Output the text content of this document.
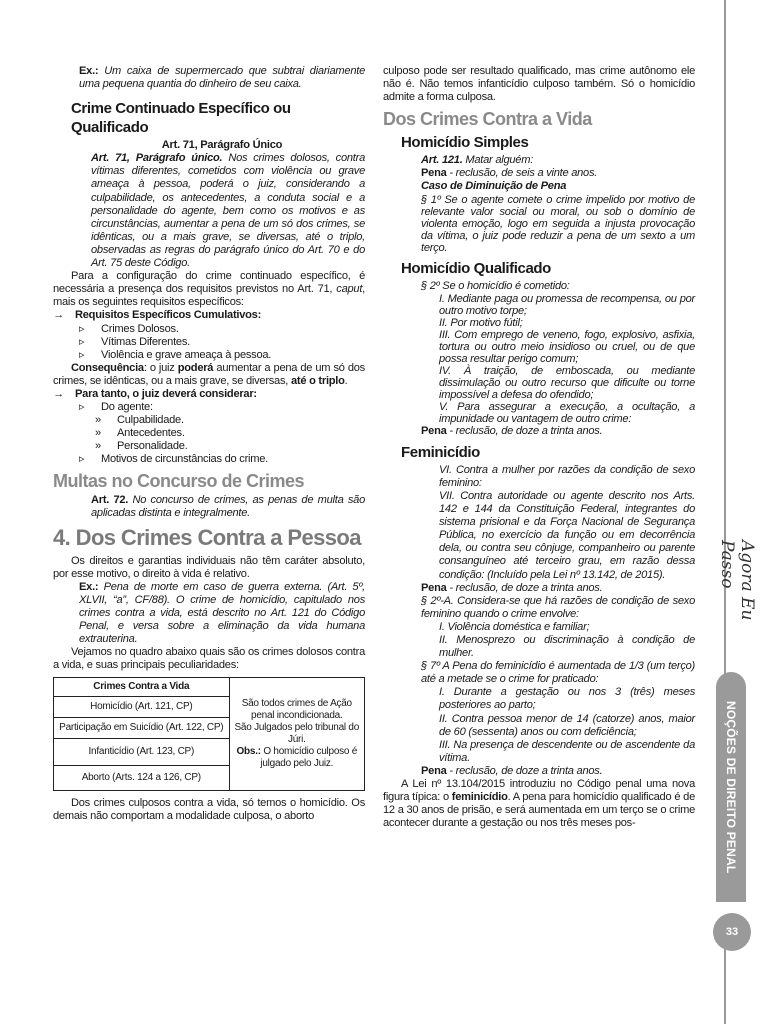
Ex.: Um caixa de supermercado que subtrai diariamente uma pequena quantia do dinheiro de seu caixa.

Crime Continuado Específico ou Qualificado

Art. 71, Parágrafo Único

Art. 71, Parágrafo único. Nos crimes dolosos, contra vítimas diferentes, cometidos com violência ou grave ameaça à pessoa, poderá o juiz, considerando a culpabilidade, os antecedentes, a conduta social e a personalidade do agente, bem como os motivos e as circunstâncias, aumentar a pena de um só dos crimes, se idênticas, ou a mais grave, se diversas, até o triplo, observadas as regras do parágrafo único do Art. 70 e do Art. 75 deste Código.

Para a configuração do crime continuado específico, é necessária a presença dos requisitos previstos no Art. 71, caput, mais os seguintes requisitos específicos:

→	Requisitos Específicos Cumulativos:
▹	Crimes Dolosos.
▹	Vítimas Diferentes.
▹	Violência e grave ameaça à pessoa.

Consequência: o juiz poderá aumentar a pena de um só dos crimes, se idênticas, ou a mais grave, se diversas, até o triplo.

→	Para tanto, o juiz deverá considerar:
▹	Do agente:
»	Culpabilidade.
»	Antecedentes.
»	Personalidade.
▹	Motivos de circunstâncias do crime.
Multas no Concurso de Crimes

Art. 72. No concurso de crimes, as penas de multa são aplicadas distinta e integralmente.

4. Dos Crimes Contra a Pessoa

Os direitos e garantias individuais não têm caráter absoluto, por esse motivo, o direito à vida é relativo.

Ex.: Pena de morte em caso de guerra externa. (Art. 5º, XLVII, “a”, CF/88). O crime de homicídio, capitulado nos crimes contra a vida, está descrito no Art. 121 do Código Penal, e versa sobre a eliminação da vida humana extrauterina.

Vejamos no quadro abaixo quais são os crimes dolosos contra a vida, e suas principais peculiaridades:

Crimes Contra a Vida	
São todos crimes de Ação penal incondicionada.
São Julgados pelo tribunal do Júri.
Obs.: O homicídio culposo é julgado pelo Juiz.

Homicídio (Art. 121, CP)
Participação em Suicídio (Art. 122, CP)
Infanticídio (Art. 123, CP)
Aborto (Arts. 124 a 126, CP)

Dos crimes culposos contra a vida, só temos o homicídio. Os demais não comportam a modalidade culposa, o aborto

culposo pode ser resultado qualificado, mas crime autônomo ele não é. Não temos infanticídio culposo também. Só o homicídio admite a forma culposa.

Dos Crimes Contra a Vida
Homicídio Simples

Art. 121. Matar alguém:

Pena - reclusão, de seis a vinte anos.

Caso de Diminuição de Pena

§ 1º Se o agente comete o crime impelido por motivo de relevante valor social ou moral, ou sob o domínio de violenta emoção, logo em seguida a injusta provocação da vítima, o juiz pode reduzir a pena de um sexto a um terço.

Homicídio Qualificado

§ 2º Se o homicídio é cometido:

I. Mediante paga ou promessa de recompensa, ou por outro motivo torpe;

II. Por motivo fútil;

III. Com emprego de veneno, fogo, explosivo, asfixia, tortura ou outro meio insidioso ou cruel, ou de que possa resultar perigo comum;

IV. À traição, de emboscada, ou mediante dissimulação ou outro recurso que dificulte ou torne impossível a defesa do ofendido;

V. Para assegurar a execução, a ocultação, a impunidade ou vantagem de outro crime:

Pena - reclusão, de doze a trinta anos.

Feminicídio

VI. Contra a mulher por razões da condição de sexo feminino:

VII. Contra autoridade ou agente descrito nos Arts. 142 e 144 da Constituição Federal, integrantes do sistema prisional e da Força Nacional de Segurança Pública, no exercício da função ou em decorrência dela, ou contra seu cônjuge, companheiro ou parente consanguíneo até terceiro grau, em razão dessa condição: (Incluído pela Lei nº 13.142, de 2015).

Pena - reclusão, de doze a trinta anos.

§ 2º-A. Considera-se que há razões de condição de sexo feminino quando o crime envolve:

I. Violência doméstica e familiar;

II. Menosprezo ou discriminação à condição de mulher.

§ 7º A Pena do feminicídio é aumentada de 1/3 (um terço) até a metade se o crime for praticado:

I. Durante a gestação ou nos 3 (três) meses posteriores ao parto;

II. Contra pessoa menor de 14 (catorze) anos, maior de 60 (sessenta) anos ou com deficiência;

III. Na presença de descendente ou de ascendente da vítima.

Pena - reclusão, de doze a trinta anos.

A Lei nº 13.104/2015 introduziu no Código penal uma nova figura típica: o feminicídio. A pena para homicídio qualificado é de 12 a 30 anos de prisão, e será aumentada em um terço se o crime acontecer durante a gestação ou nos três meses pos-

Agora Eu Passo
NOÇÕES DE DIREITO PENAL
33
